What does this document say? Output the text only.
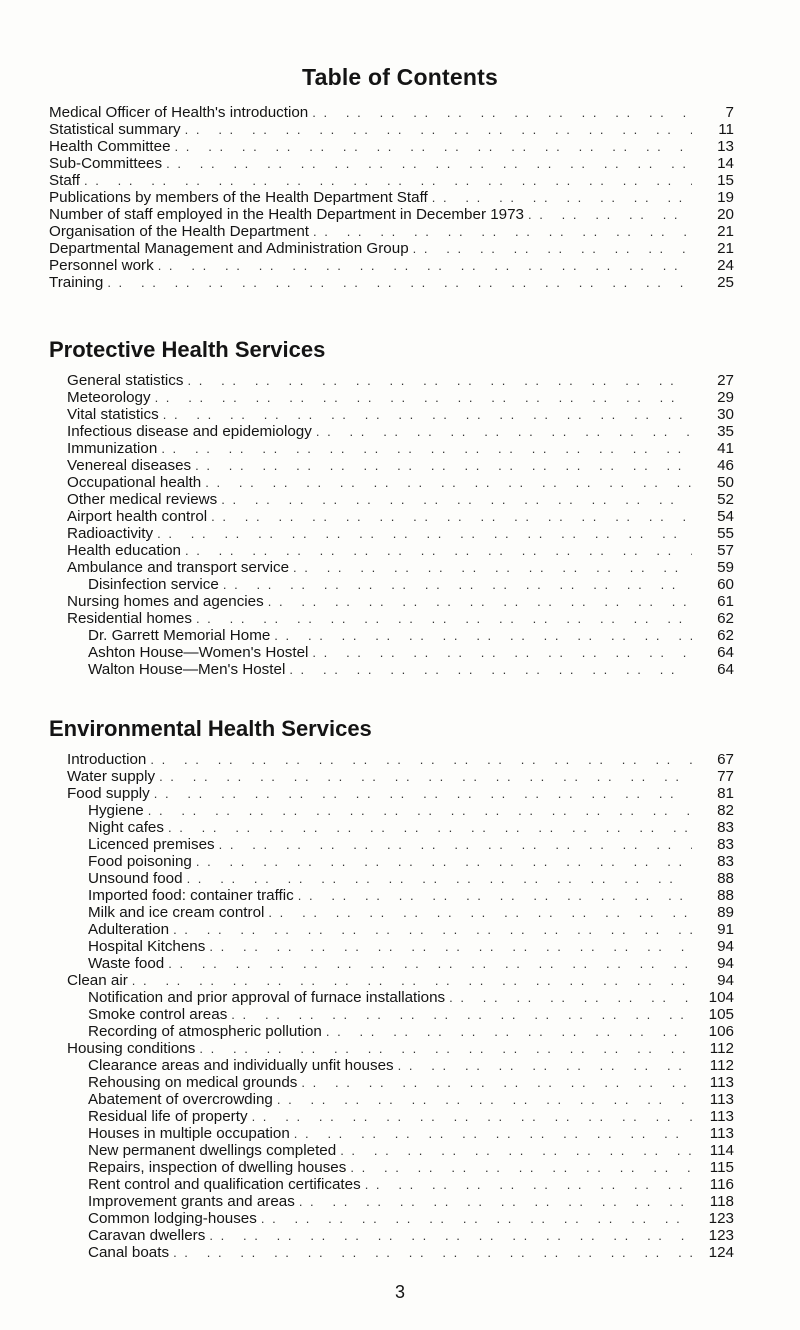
Table of Contents
Medical Officer of Health's introduction . .	7
Statistical summary . .	11
Health Committee . .	13
Sub-Committees . .	14
Staff . .	15
Publications by members of the Health Department Staff . .	19
Number of staff employed in the Health Department in December 1973 . .	20
Organisation of the Health Department . .	21
Departmental Management and Administration Group . .	21
Personnel work . .	24
Training . .	25
Protective Health Services
General statistics . .	27
Meteorology . .	29
Vital statistics . .	30
Infectious disease and epidemiology . .	35
Immunization . .	41
Venereal diseases . .	46
Occupational health . .	50
Other medical reviews . .	52
Airport health control . .	54
Radioactivity . .	55
Health education . .	57
Ambulance and transport service . .	59
Disinfection service . .	60
Nursing homes and agencies . .	61
Residential homes . .	62
Dr. Garrett Memorial Home . .	62
Ashton House—Women's Hostel . .	64
Walton House—Men's Hostel . .	64
Environmental Health Services
Introduction . .	67
Water supply . .	77
Food supply . .	81
Hygiene . .	82
Night cafes . .	83
Licenced premises . .	83
Food poisoning . .	83
Unsound food . .	88
Imported food: container traffic . .	88
Milk and ice cream control . .	89
Adulteration . .	91
Hospital Kitchens . .	94
Waste food . .	94
Clean air . .	94
Notification and prior approval of furnace installations . .	104
Smoke control areas . .	105
Recording of atmospheric pollution . .	106
Housing conditions . .	112
Clearance areas and individually unfit houses . .	112
Rehousing on medical grounds . .	113
Abatement of overcrowding . .	113
Residual life of property . .	113
Houses in multiple occupation . .	113
New permanent dwellings completed . .	114
Repairs, inspection of dwelling houses . .	115
Rent control and qualification certificates . .	116
Improvement grants and areas . .	118
Common lodging-houses . .	123
Caravan dwellers . .	123
Canal boats . .	124
3
